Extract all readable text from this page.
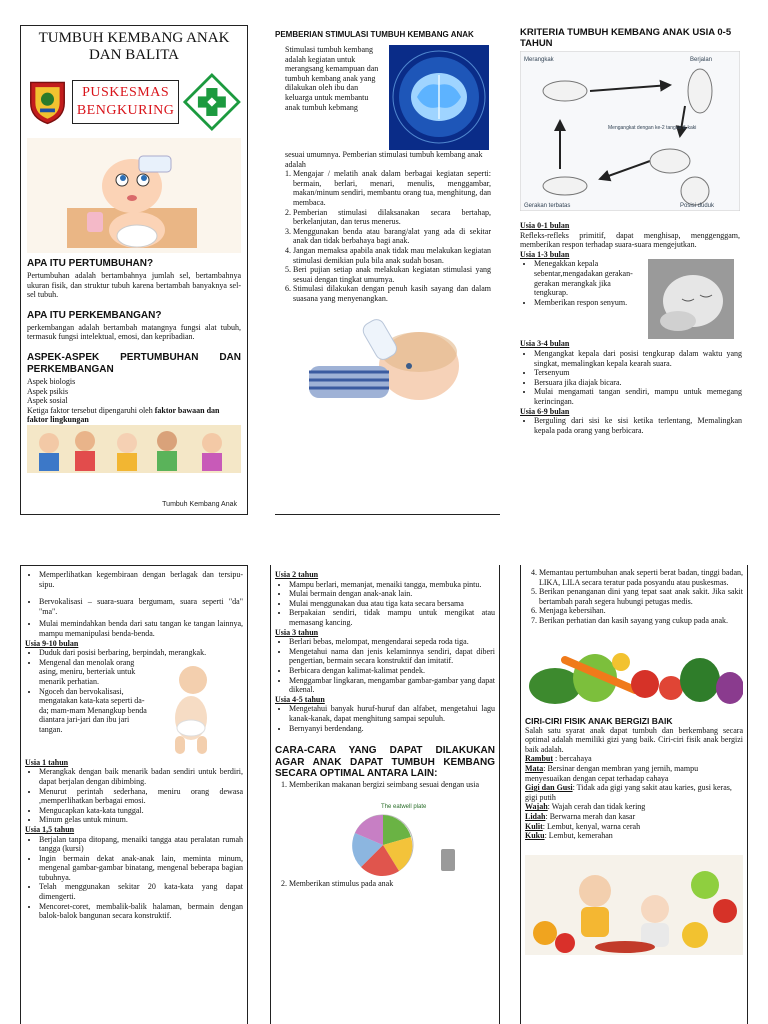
TUMBUH KEMBANG ANAK DAN BALITA
PUSKESMAS
BENGKURING
APA ITU PERTUMBUHAN?

Pertumbuhan adalah bertambahnya jumlah sel, bertambahnya ukuran fisik, dan struktur tubuh karena bertambah banyaknya sel-sel tubuh.

APA ITU PERKEMBANGAN?

perkembangan adalah bertambah matangnya fungsi alat tubuh, termasuk fungsi intelektual, emosi, dan kepribadian.

ASPEK-ASPEK PERTUMBUHAN DAN PERKEMBANGAN
Aspek biologis
Aspek psikis
Aspek sosial

Ketiga faktor tersebut dipengaruhi oleh faktor bawaan dan faktor lingkungan

Tumbuh Kembang Anak
PEMBERIAN STIMULASI TUMBUH KEMBANG ANAK
Stimulasi tumbuh kembang adalah kegiatan untuk merangsang kemampuan dan tumbuh kembang anak yang dilakukan oleh ibu dan keluarga untuk membantu anak tumbuh kebmang
sesuai umumnya. Pemberian stimulasi tumbuh kembang anak adalah
1. Mengajar / melatih anak dalam berbagai kegiatan seperti: bermain, berlari, menari, menulis, menggambar, makan/minum sendiri, membantu orang tua, menghitung, dan membaca.
2. Pemberian stimulasi dilaksanakan secara bertahap, berkelanjutan, dan terus menerus.
3. Menggunakan benda atau barang/alat yang ada di sekitar anak dan tidak berbahaya bagi anak.
4. Jangan memaksa apabila anak tidak mau melakukan kegiatan stimulasi demikian pula bila anak sudah bosan.
5. Beri pujian setiap anak melakukan kegiatan stimulasi yang sesuai dengan tingkat umurnya.
6. Stimulasi dilakukan dengan penuh kasih sayang dan dalam suasana yang menyenangkan.
KRITERIA TUMBUH KEMBANG ANAK USIA 0-5 TAHUN
Merangkak	Berjalan
Mengangkat dengan ke-2 tangan & kaki
Gerakan terbatas	Posisi duduk
Usia 0-1 bulan

Refleks-refleks primitif, dapat menghisap, menggenggam, memberikan respon terhadap suara-suara mengejutkan.

Usia 1-3 bulan
• Menegakkan kepala sebentar,mengadakan gerakan-gerakan merangkak jika tengkurap.
• Memberikan respon senyum.
Usia 3-4 bulan
• Mengangkat kepala dari posisi tengkurap dalam waktu yang singkat, memalingkan kepala kearah suara.
• Tersenyum
• Bersuara jika diajak bicara.
• Mulai mengamati tangan sendiri, mampu untuk memegang kerincingan.
Usia 6-9 bulan
• Berguling dari sisi ke sisi ketika terlentang, Memalingkan kepala pada orang yang berbicara.
• Memperlihatkan kegembiraan dengan berlagak dan tersipu-sipu.
• Bervokalisasi – suara-suara bergumam, suara seperti "da" "ma".
• Mulai memindahkan benda dari satu tangan ke tangan lainnya, mampu memanipulasi benda-benda.
Usia 9-10 bulan
• Duduk dari posisi berbaring, berpindah, merangkak.
• Mengenal dan menolak orang asing, meniru, berteriak untuk menarik perhatian.
• Ngoceh dan bervokalisasi, mengatakan kata-kata seperti da-da; mam-mam Menangkup benda diantara jari-jari dan ibu jari tangan.
Usia 1 tahun
• Merangkak dengan baik menarik badan sendiri untuk berdiri, dapat berjalan dengan dibimbing.
• Menurut perintah sederhana, meniru orang dewasa ,memperlihatkan berbagai emosi.
• Mengucapkan kata-kata tunggal.
• Minum gelas untuk minum.
Usia 1,5 tahun
• Berjalan tanpa ditopang, menaiki tangga atau peralatan rumah tangga (kursi)
• Ingin bermain dekat anak-anak lain, meminta minum, mengenal gambar-gambar binatang, mengenal beberapa bagian tubuhnya.
• Telah menggunakan sekitar 20 kata-kata yang dapat dimengerti.
• Mencoret-coret, membalik-balik halaman, bermain dengan balok-balok bangunan secara konstruktif.
Usia 2 tahun
• Mampu berlari, memanjat, menaiki tangga, membuka pintu.
• Mulai bermain dengan anak-anak lain.
• Mulai menggunakan dua atau tiga kata secara bersama
• Berpakaian sendiri, tidak mampu untuk mengikat atau memasang kancing.
Usia 3 tahun
• Berlari bebas, melompat, mengendarai sepeda roda tiga.
• Mengetahui nama dan jenis kelaminnya sendiri, dapat diberi pengertian, bermain secara konstruktif dan imitatif.
• Berbicara dengan kalimat-kalimat pendek.
• Menggambar lingkaran, mengambar gambar-gambar yang dapat dikenal.
Usia 4-5 tahun
• Mengetahui banyak huruf-huruf dan alfabet, mengetahui lagu kanak-kanak, dapat menghitung sampai sepuluh.
• Bernyanyi berdendang.
CARA-CARA YANG DAPAT DILAKUKAN AGAR ANAK DAPAT TUMBUH KEMBANG SECARA OPTIMAL ANTARA LAIN:
1. Memberikan makanan bergizi seimbang sesuai dengan usia
The eatwell plate
2. Memberikan stimulus pada anak
4. Memantau pertumbuhan anak seperti berat badan, tinggi badan, LIKA, LILA secara teratur pada posyandu atau puskesmas.
5. Berikan penanganan dini yang tepat saat anak sakit. Jika sakit bertambah parah segera hubungi petugas medis.
6. Menjaga kebersihan.
7. Berikan perhatian dan kasih sayang yang cukup pada anak.
CIRI-CIRI FISIK ANAK BERGIZI BAIK

Salah satu syarat anak dapat tumbuh dan berkembang secara optimal adalah memiliki gizi yang baik. Ciri-ciri fisik anak bergizi baik adalah.

Rambut : bercahaya
Mata: Bersinar dengan membran yang jernih, mampu menyesuaikan dengan cepat terhadap cahaya
Gigi dan Gusi: Tidak ada gigi yang sakit atau karies, gusi keras, gigi putih
Wajah: Wajah cerah dan tidak kering
Lidah: Berwarna merah dan kasar
Kulit: Lembut, kenyal, warna cerah
Kuku: Lembut, kemerahan
